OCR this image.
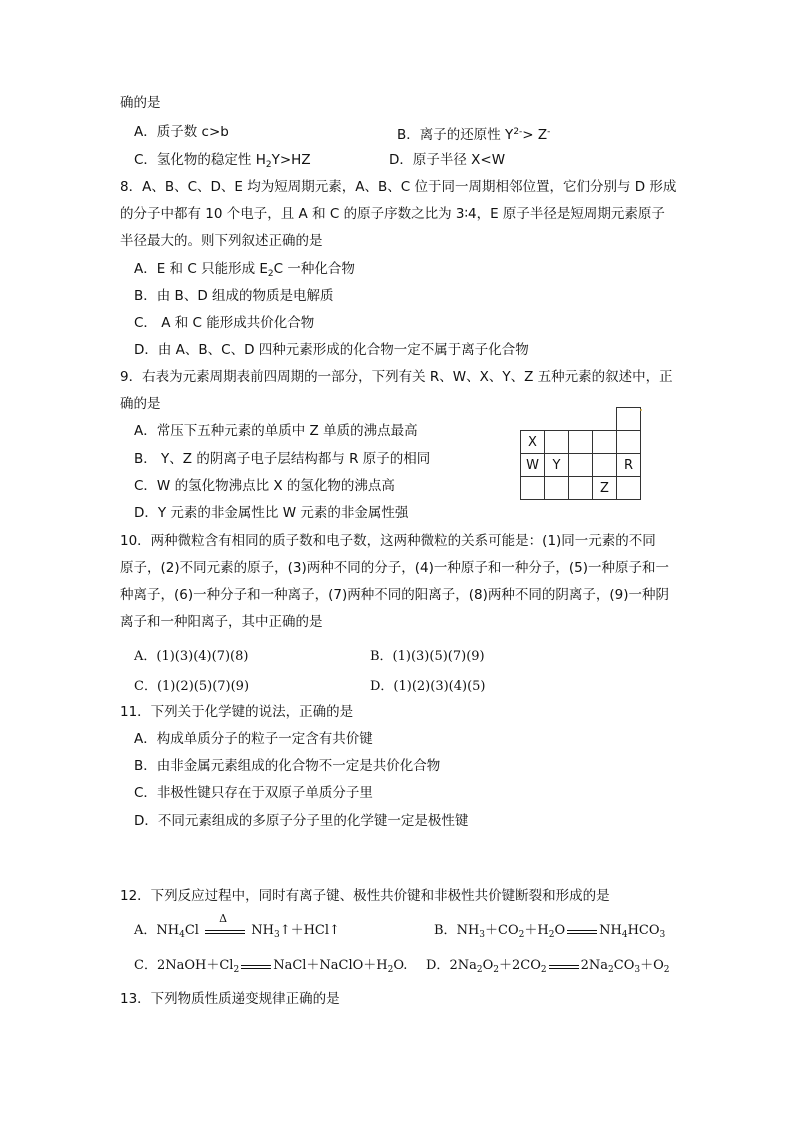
确的是
A．质子数 c>b	B．离子的还原性 $Y^{2-}> Z^-$
C．氢化物的稳定性 $H_2Y>HZ$	D．原子半径 X<W
8．A、B、C、D、E 均为短周期元素，A、B、C 位于同一周期相邻位置，它们分别与 D 形成
的分子中都有 10 个电子，且 A 和 C 的原子序数之比为 3∶4，E 原子半径是短周期元素原子
半径最大的。则下列叙述正确的是
A．E 和 C 只能形成 $E_2C$ 一种化合物
B．由 B、D 组成的物质是电解质
C． A 和 C 能形成共价化合物
D．由 A、B、C、D 四种元素形成的化合物一定不属于离子化合物
9．右表为元素周期表前四周期的一部分，下列有关 R、W、X、Y、Z 五种元素的叙述中，正
确的是
A．常压下五种元素的单质中 Z 单质的沸点最高
B． Y、Z 的阴离子电子层结构都与 R 原子的相同
C．W 的氢化物沸点比 X 的氢化物的沸点高
D．Y 元素的非金属性比 W 元素的非金属性强

X				
W	Y			R
			Z	
10．两种微粒含有相同的质子数和电子数，这两种微粒的关系可能是：(1)同一元素的不同
原子，(2)不同元素的原子，(3)两种不同的分子，(4)一种原子和一种分子，(5)一种原子和一
种离子，(6)一种分子和一种离子，(7)两种不同的阳离子，(8)两种不同的阴离子，(9)一种阴
离子和一种阳离子，其中正确的是
A．(1)(3)(4)(7)(8)	B．(1)(3)(5)(7)(9)
C．(1)(2)(5)(7)(9)	D．(1)(2)(3)(4)(5)
11．下列关于化学键的说法，正确的是
A．构成单质分子的粒子一定含有共价键
B．由非金属元素组成的化合物不一定是共价化合物
C．非极性键只存在于双原子单质分子里
D．不同元素组成的多原子分子里的化学键一定是极性键
12．下列反应过程中，同时有离子键、极性共价键和非极性共价键断裂和形成的是
A．$NH_4Cl$
Δ
$NH_3↑+HCl↑$	B．$NH_3+CO_2+H_2O$	$NH_4HCO_3$
C．$2NaOH+Cl_2$	$NaCl+NaClO+H_2O$. D．$2Na_2O_2+2CO_2$	$2Na_2CO_3+O_2$
13．下列物质性质递变规律正确的是
